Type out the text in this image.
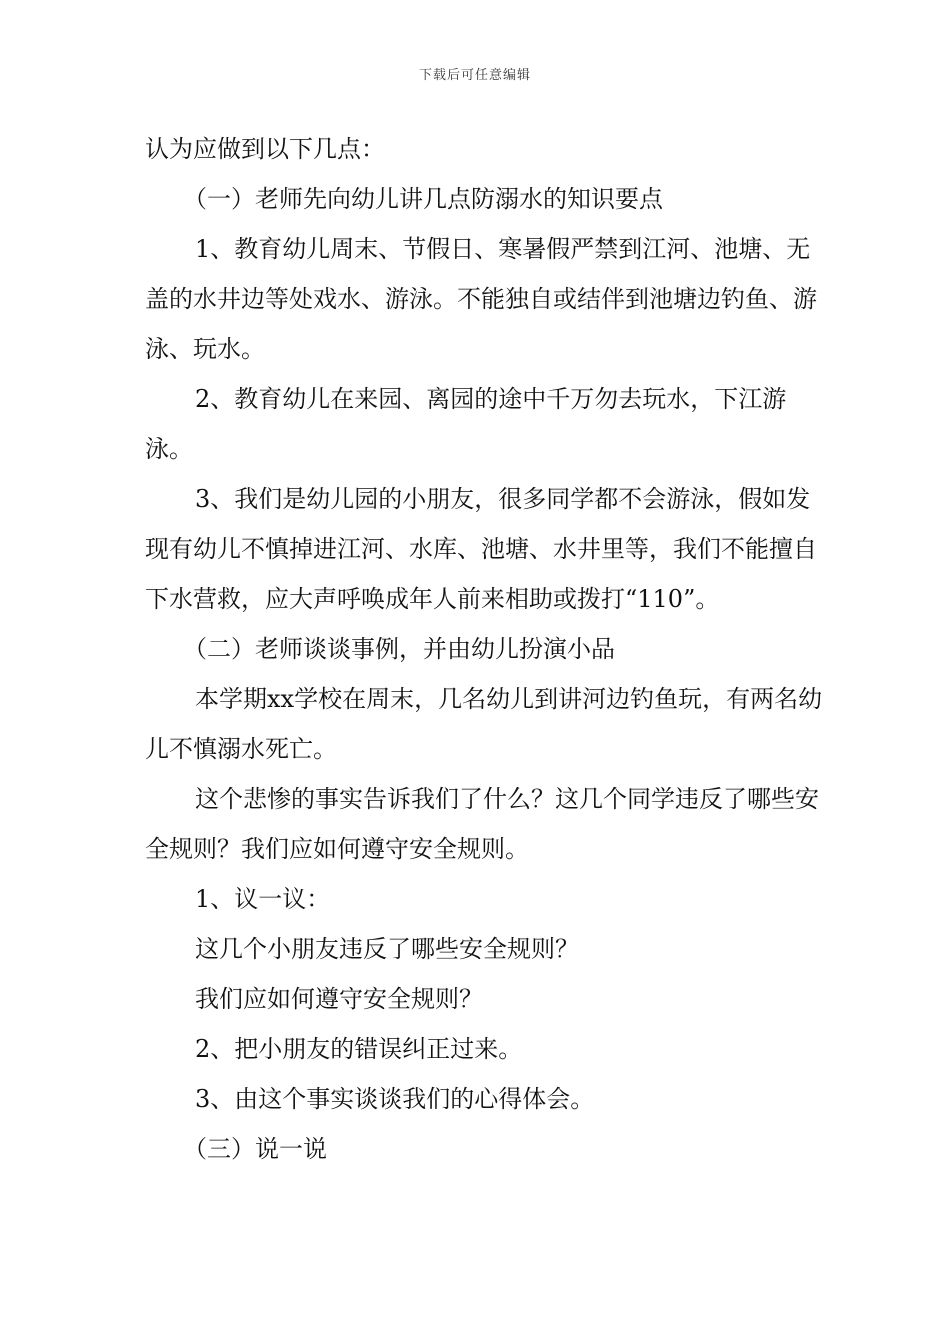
下载后可任意编辑

认为应做到以下几点：

（一）老师先向幼儿讲几点防溺水的知识要点

1、教育幼儿周末、节假日、寒暑假严禁到江河、池塘、无盖的水井边等处戏水、游泳。不能独自或结伴到池塘边钓鱼、游泳、玩水。

2、教育幼儿在来园、离园的途中千万勿去玩水，下江游泳。

3、我们是幼儿园的小朋友，很多同学都不会游泳，假如发现有幼儿不慎掉进江河、水库、池塘、水井里等，我们不能擅自下水营救，应大声呼唤成年人前来相助或拨打“110”。

（二）老师谈谈事例，并由幼儿扮演小品

本学期xx学校在周末，几名幼儿到讲河边钓鱼玩，有两名幼儿不慎溺水死亡。

这个悲惨的事实告诉我们了什么？这几个同学违反了哪些安全规则？我们应如何遵守安全规则。

1、议一议：

这几个小朋友违反了哪些安全规则？

我们应如何遵守安全规则？

2、把小朋友的错误纠正过来。

3、由这个事实谈谈我们的心得体会。

（三）说一说
